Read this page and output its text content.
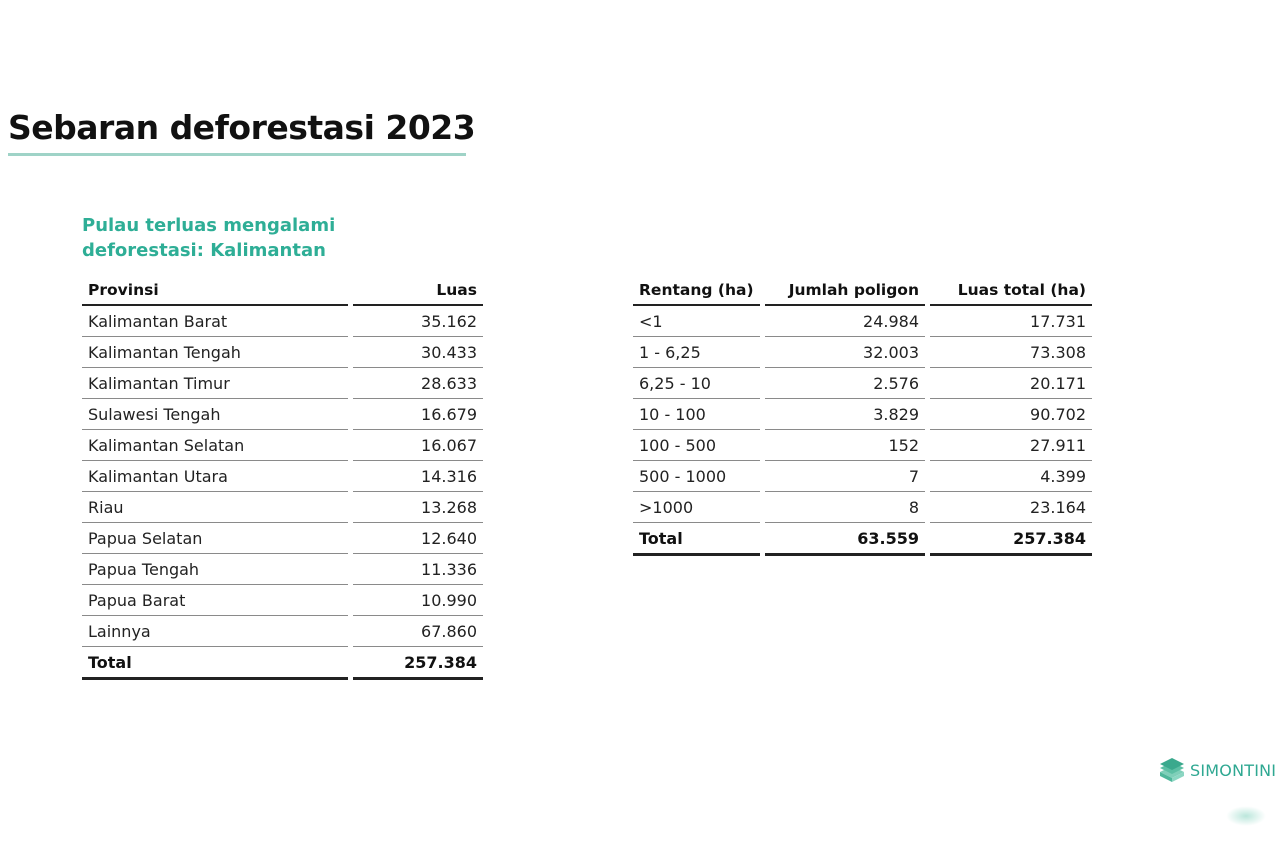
Sebaran deforestasi 2023

Pulau terluas mengalami deforestasi: Kalimantan

Provinsi	Luas
Kalimantan Barat	35.162
Kalimantan Tengah	30.433
Kalimantan Timur	28.633
Sulawesi Tengah	16.679
Kalimantan Selatan	16.067
Kalimantan Utara	14.316
Riau	13.268
Papua Selatan	12.640
Papua Tengah	11.336
Papua Barat	10.990
Lainnya	67.860
Total	257.384
Rentang (ha)	Jumlah poligon	Luas total (ha)
<1	24.984	17.731
1 - 6,25	32.003	73.308
6,25 - 10	2.576	20.171
10 - 100	3.829	90.702
100 - 500	152	27.911
500 - 1000	7	4.399
>1000	8	23.164
Total	63.559	257.384
SIMONTINI
